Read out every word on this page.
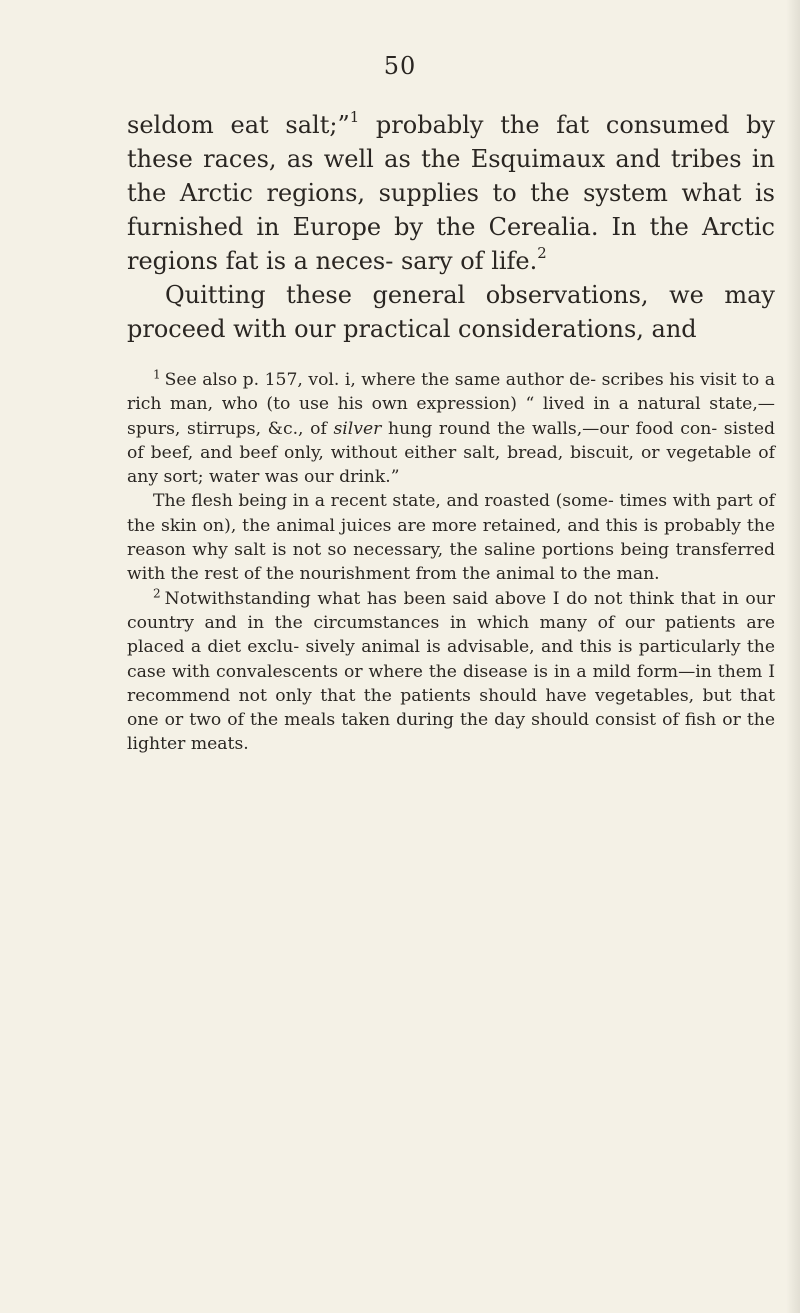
50

seldom eat salt;”$^1$ probably the fat consumed by these races, as well as the Esquimaux and tribes in the Arctic regions, supplies to the system what is furnished in Europe by the Cerealia. In the Arctic regions fat is a neces- sary of life.$^2$

Quitting these general observations, we may proceed with our practical considerations, and

$^1$ See also p. 157, vol. i, where the same author de- scribes his visit to a rich man, who (to use his own expression) “ lived in a natural state,—spurs, stirrups, &c., of silver hung round the walls,—our food con- sisted of beef, and beef only, without either salt, bread, biscuit, or vegetable of any sort; water was our drink.”

The flesh being in a recent state, and roasted (some- times with part of the skin on), the animal juices are more retained, and this is probably the reason why salt is not so necessary, the saline portions being transferred with the rest of the nourishment from the animal to the man.

$^2$ Notwithstanding what has been said above I do not think that in our country and in the circumstances in which many of our patients are placed a diet exclu- sively animal is advisable, and this is particularly the case with convalescents or where the disease is in a mild form—in them I recommend not only that the patients should have vegetables, but that one or two of the meals taken during the day should consist of fish or the lighter meats.
